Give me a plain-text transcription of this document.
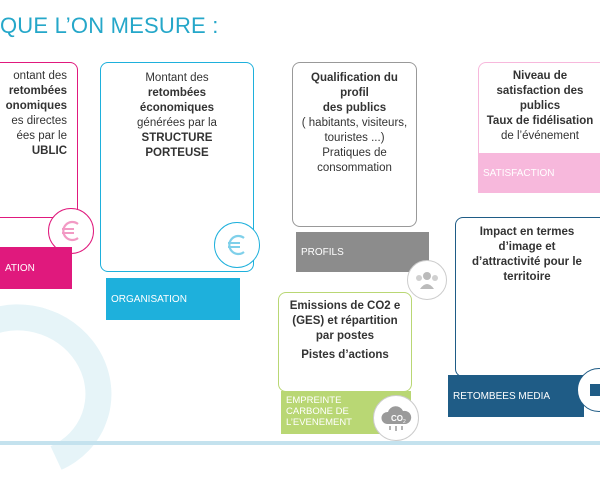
QUE L’ON MESURE :
ontant des
retombées
onomiques
es directes
ées par le
UBLIC
ATION
Montant des
retombées
économiques
générées par la
STRUCTURE
PORTEUSE
ORGANISATION
Qualification du profil
des publics
( habitants, visiteurs,
touristes ...)
Pratiques de
consommation
PROFILS
Niveau de
satisfaction des
publics
Taux de fidélisation
de l’événement
SATISFACTION
Emissions de CO2 e
(GES) et répartition
par postes
Pistes d’actions
EMPREINTE
CARBONE DE
L’EVENEMENT	CO 2
Impact en termes
d’image et
d’attractivité pour le
territoire
RETOMBEES MEDIA
